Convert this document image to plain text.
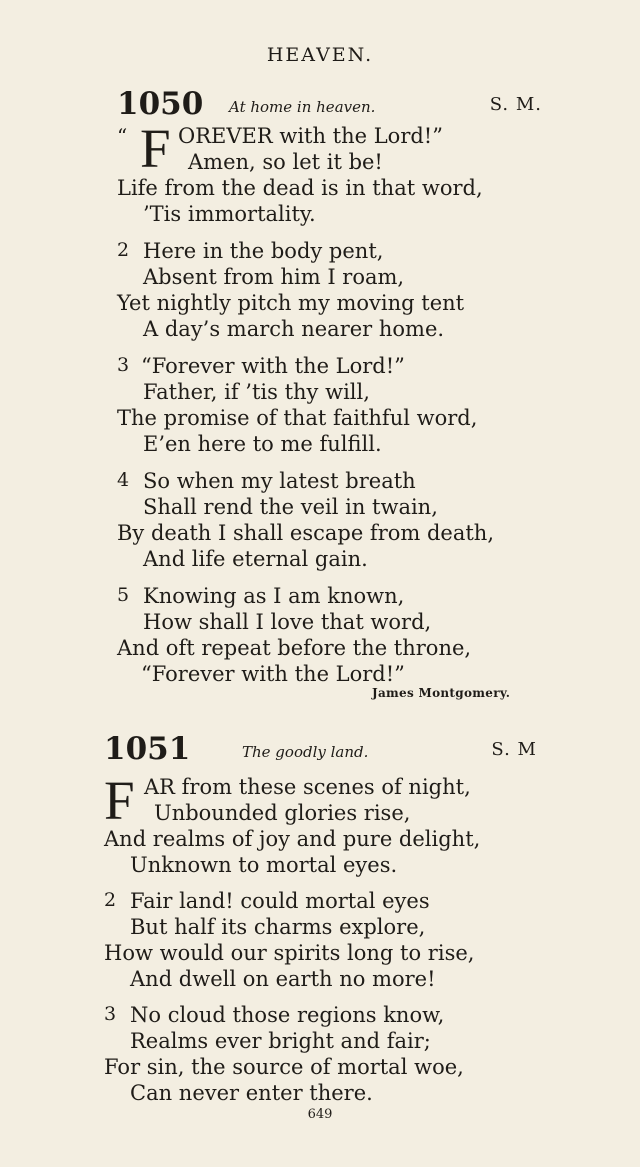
HEAVEN.
1050 At home in heaven.	S. M.
“ F OREVER with the Lord!”
Amen, so let it be!
Life from the dead is in that word,
’Tis immortality.
2 Here in the body pent,
Absent from him I roam,
Yet nightly pitch my moving tent
A day’s march nearer home.
3 “Forever with the Lord!”
Father, if ’tis thy will,
The promise of that faithful word,
E’en here to me fulfill.
4 So when my latest breath
Shall rend the veil in twain,
By death I shall escape from death,
And life eternal gain.
5 Knowing as I am known,
How shall I love that word,
And oft repeat before the throne,
“Forever with the Lord!”
James Montgomery.
1051	The goodly land.	S. M
F AR from these scenes of night,
Unbounded glories rise,
And realms of joy and pure delight,
Unknown to mortal eyes.
2 Fair land! could mortal eyes
But half its charms explore,
How would our spirits long to rise,
And dwell on earth no more!
3 No cloud those regions know,
Realms ever bright and fair;
For sin, the source of mortal woe,
Can never enter there.
649
